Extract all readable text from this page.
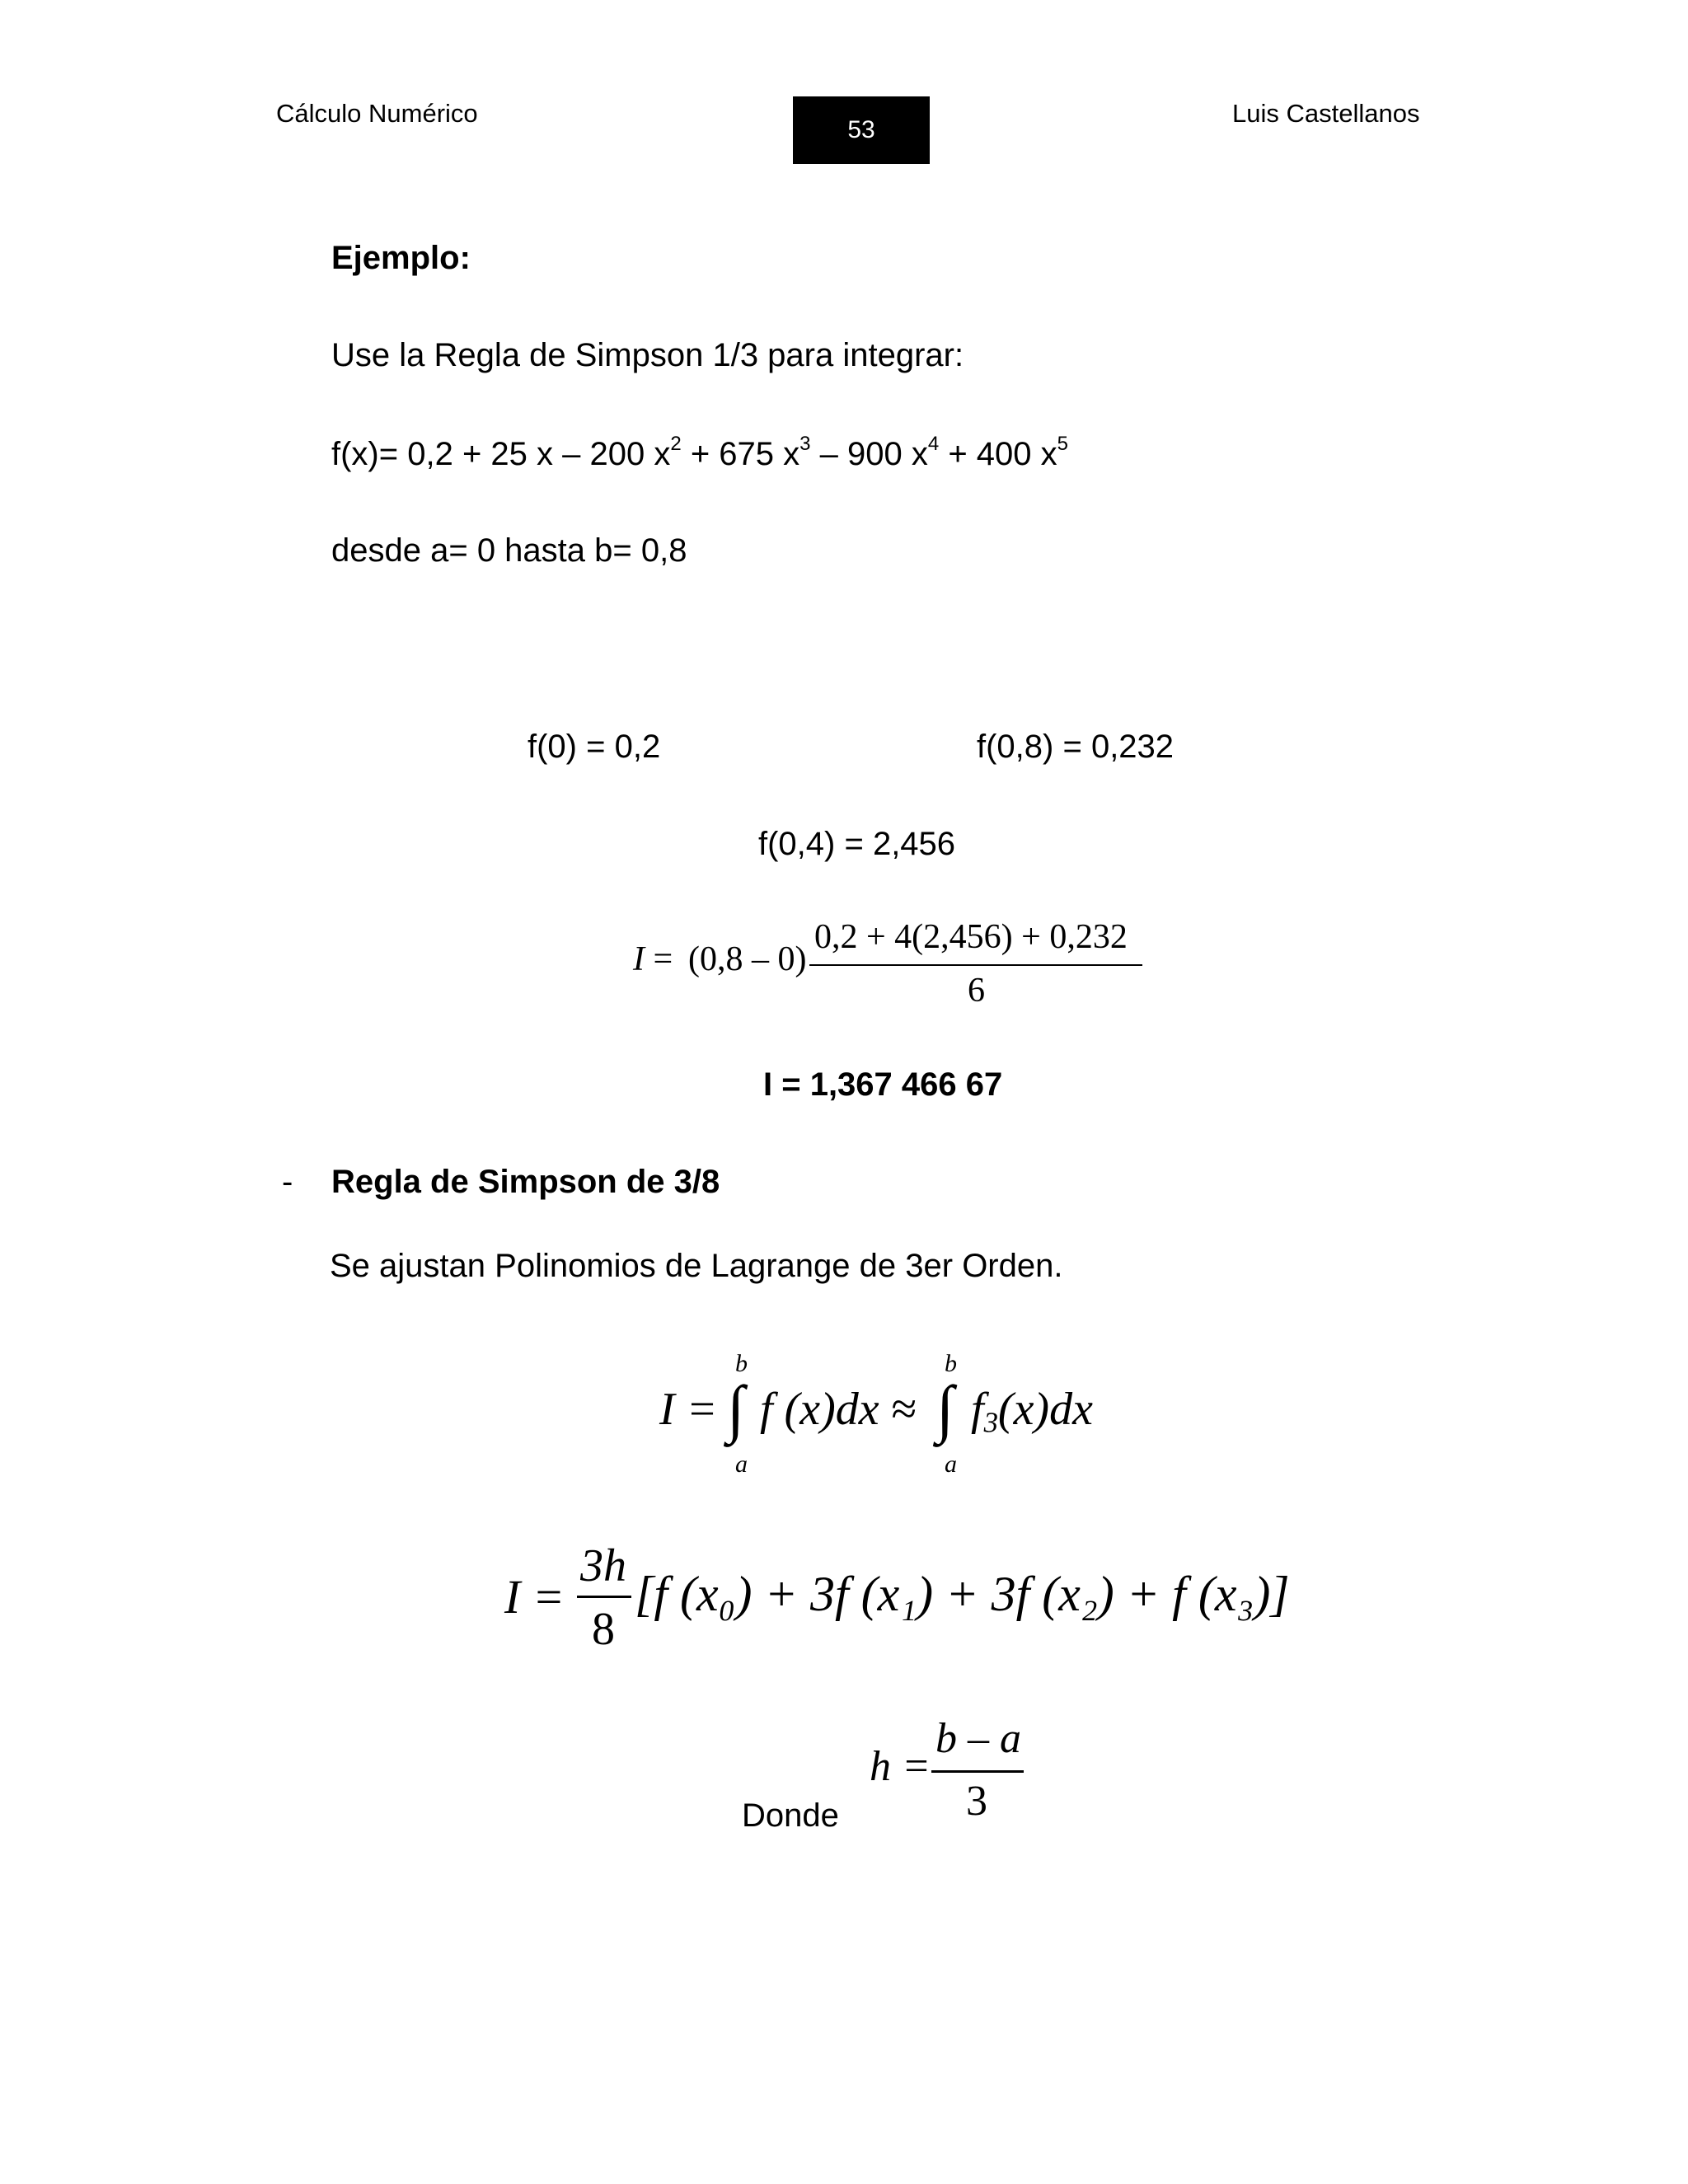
Cálculo Numérico
53
Luis Castellanos
Ejemplo:
Use la Regla de Simpson 1/3 para integrar:
f(x)= 0,2 + 25 x – 200 $x^2 + 675$ $x^3 - 900$ $x^4 + 400$ $x^5$
desde a= 0 hasta b= 0,8
f(0) = 0,2	f(0,8) = 0,232
f(0,4) = 2,456
I = (0,8 – 0)
0,2 + 4(2,456) + 0,232
6
I = 1,367 466 67
- Regla de Simpson de 3/8
Se ajustan Polinomios de Lagrange de 3er Orden.
I =
b
∫
a
f (x)dx ≈
b
∫
a
$f_3(x)dx$
I =
3h
8
[f (x₀) + 3f (x₁) + 3f (x₂) + f (x₃)]
Donde
h =
b – a
3
